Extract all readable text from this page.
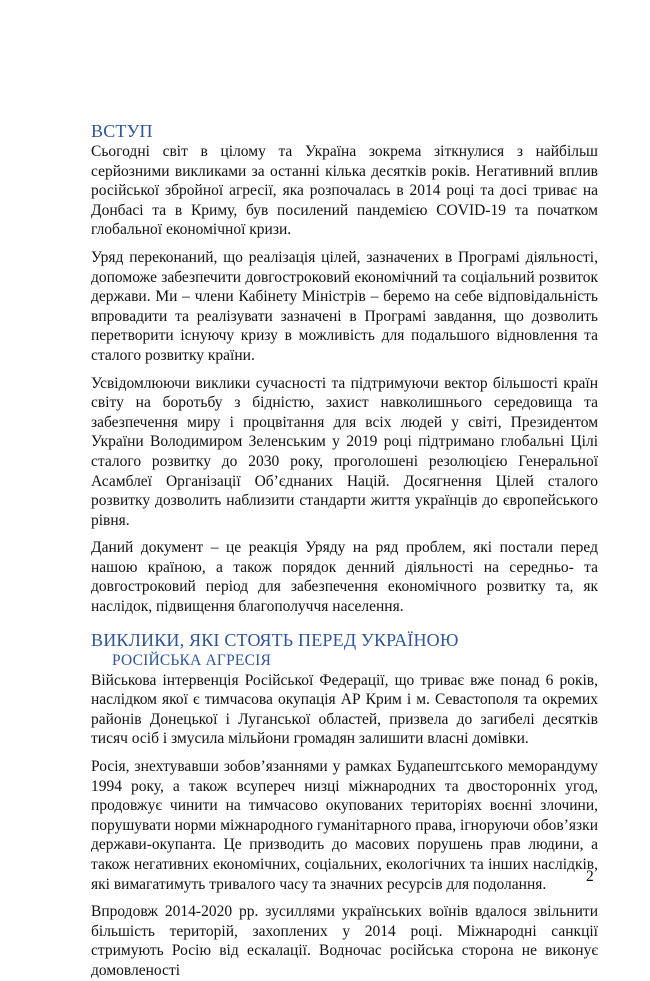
ВСТУП

Сьогодні світ в цілому та Україна зокрема зіткнулися з найбільш серйозними викликами за останні кілька десятків років. Негативний вплив російської збройної агресії, яка розпочалась в 2014 році та досі триває на Донбасі та в Криму, був посилений пандемією COVID-19 та початком глобальної економічної кризи.

Уряд переконаний, що реалізація цілей, зазначених в Програмі діяльності, допоможе забезпечити довгостроковий економічний та соціальний розвиток держави. Ми – члени Кабінету Міністрів – беремо на себе відповідальність впровадити та реалізувати зазначені в Програмі завдання, що дозволить перетворити існуючу кризу в можливість для подальшого відновлення та сталого розвитку країни.

Усвідомлюючи виклики сучасності та підтримуючи вектор більшості країн світу на боротьбу з бідністю, захист навколишнього середовища та забезпечення миру і процвітання для всіх людей у світі, Президентом України Володимиром Зеленським у 2019 році підтримано глобальні Цілі сталого розвитку до 2030 року, проголошені резолюцією Генеральної Асамблеї Організації Об’єднаних Націй. Досягнення Цілей сталого розвитку дозволить наблизити стандарти життя українців до європейського рівня.

Даний документ – це реакція Уряду на ряд проблем, які постали перед нашою країною, а також порядок денний діяльності на середньо- та довгостроковий період для забезпечення економічного розвитку та, як наслідок, підвищення благополуччя населення.

ВИКЛИКИ, ЯКІ СТОЯТЬ ПЕРЕД УКРАЇНОЮ
РОСІЙСЬКА АГРЕСІЯ

Військова інтервенція Російської Федерації, що триває вже понад 6 років, наслідком якої є тимчасова окупація АР Крим і м. Севастополя та окремих районів Донецької і Луганської областей, призвела до загибелі десятків тисяч осіб і змусила мільйони громадян залишити власні домівки.

Росія, знехтувавши зобов’язаннями у рамках Будапештського меморандуму 1994 року, а також всупереч низці міжнародних та двосторонніх угод, продовжує чинити на тимчасово окупованих територіях воєнні злочини, порушувати норми міжнародного гуманітарного права, ігноруючи обов’язки держави-окупанта. Це призводить до масових порушень прав людини, а також негативних економічних, соціальних, екологічних та інших наслідків, які вимагатимуть тривалого часу та значних ресурсів для подолання.

Впродовж 2014-2020 рр. зусиллями українських воїнів вдалося звільнити більшість територій, захоплених у 2014 році. Міжнародні санкції стримують Росію від ескалації. Водночас російська сторона не виконує домовленості

2
